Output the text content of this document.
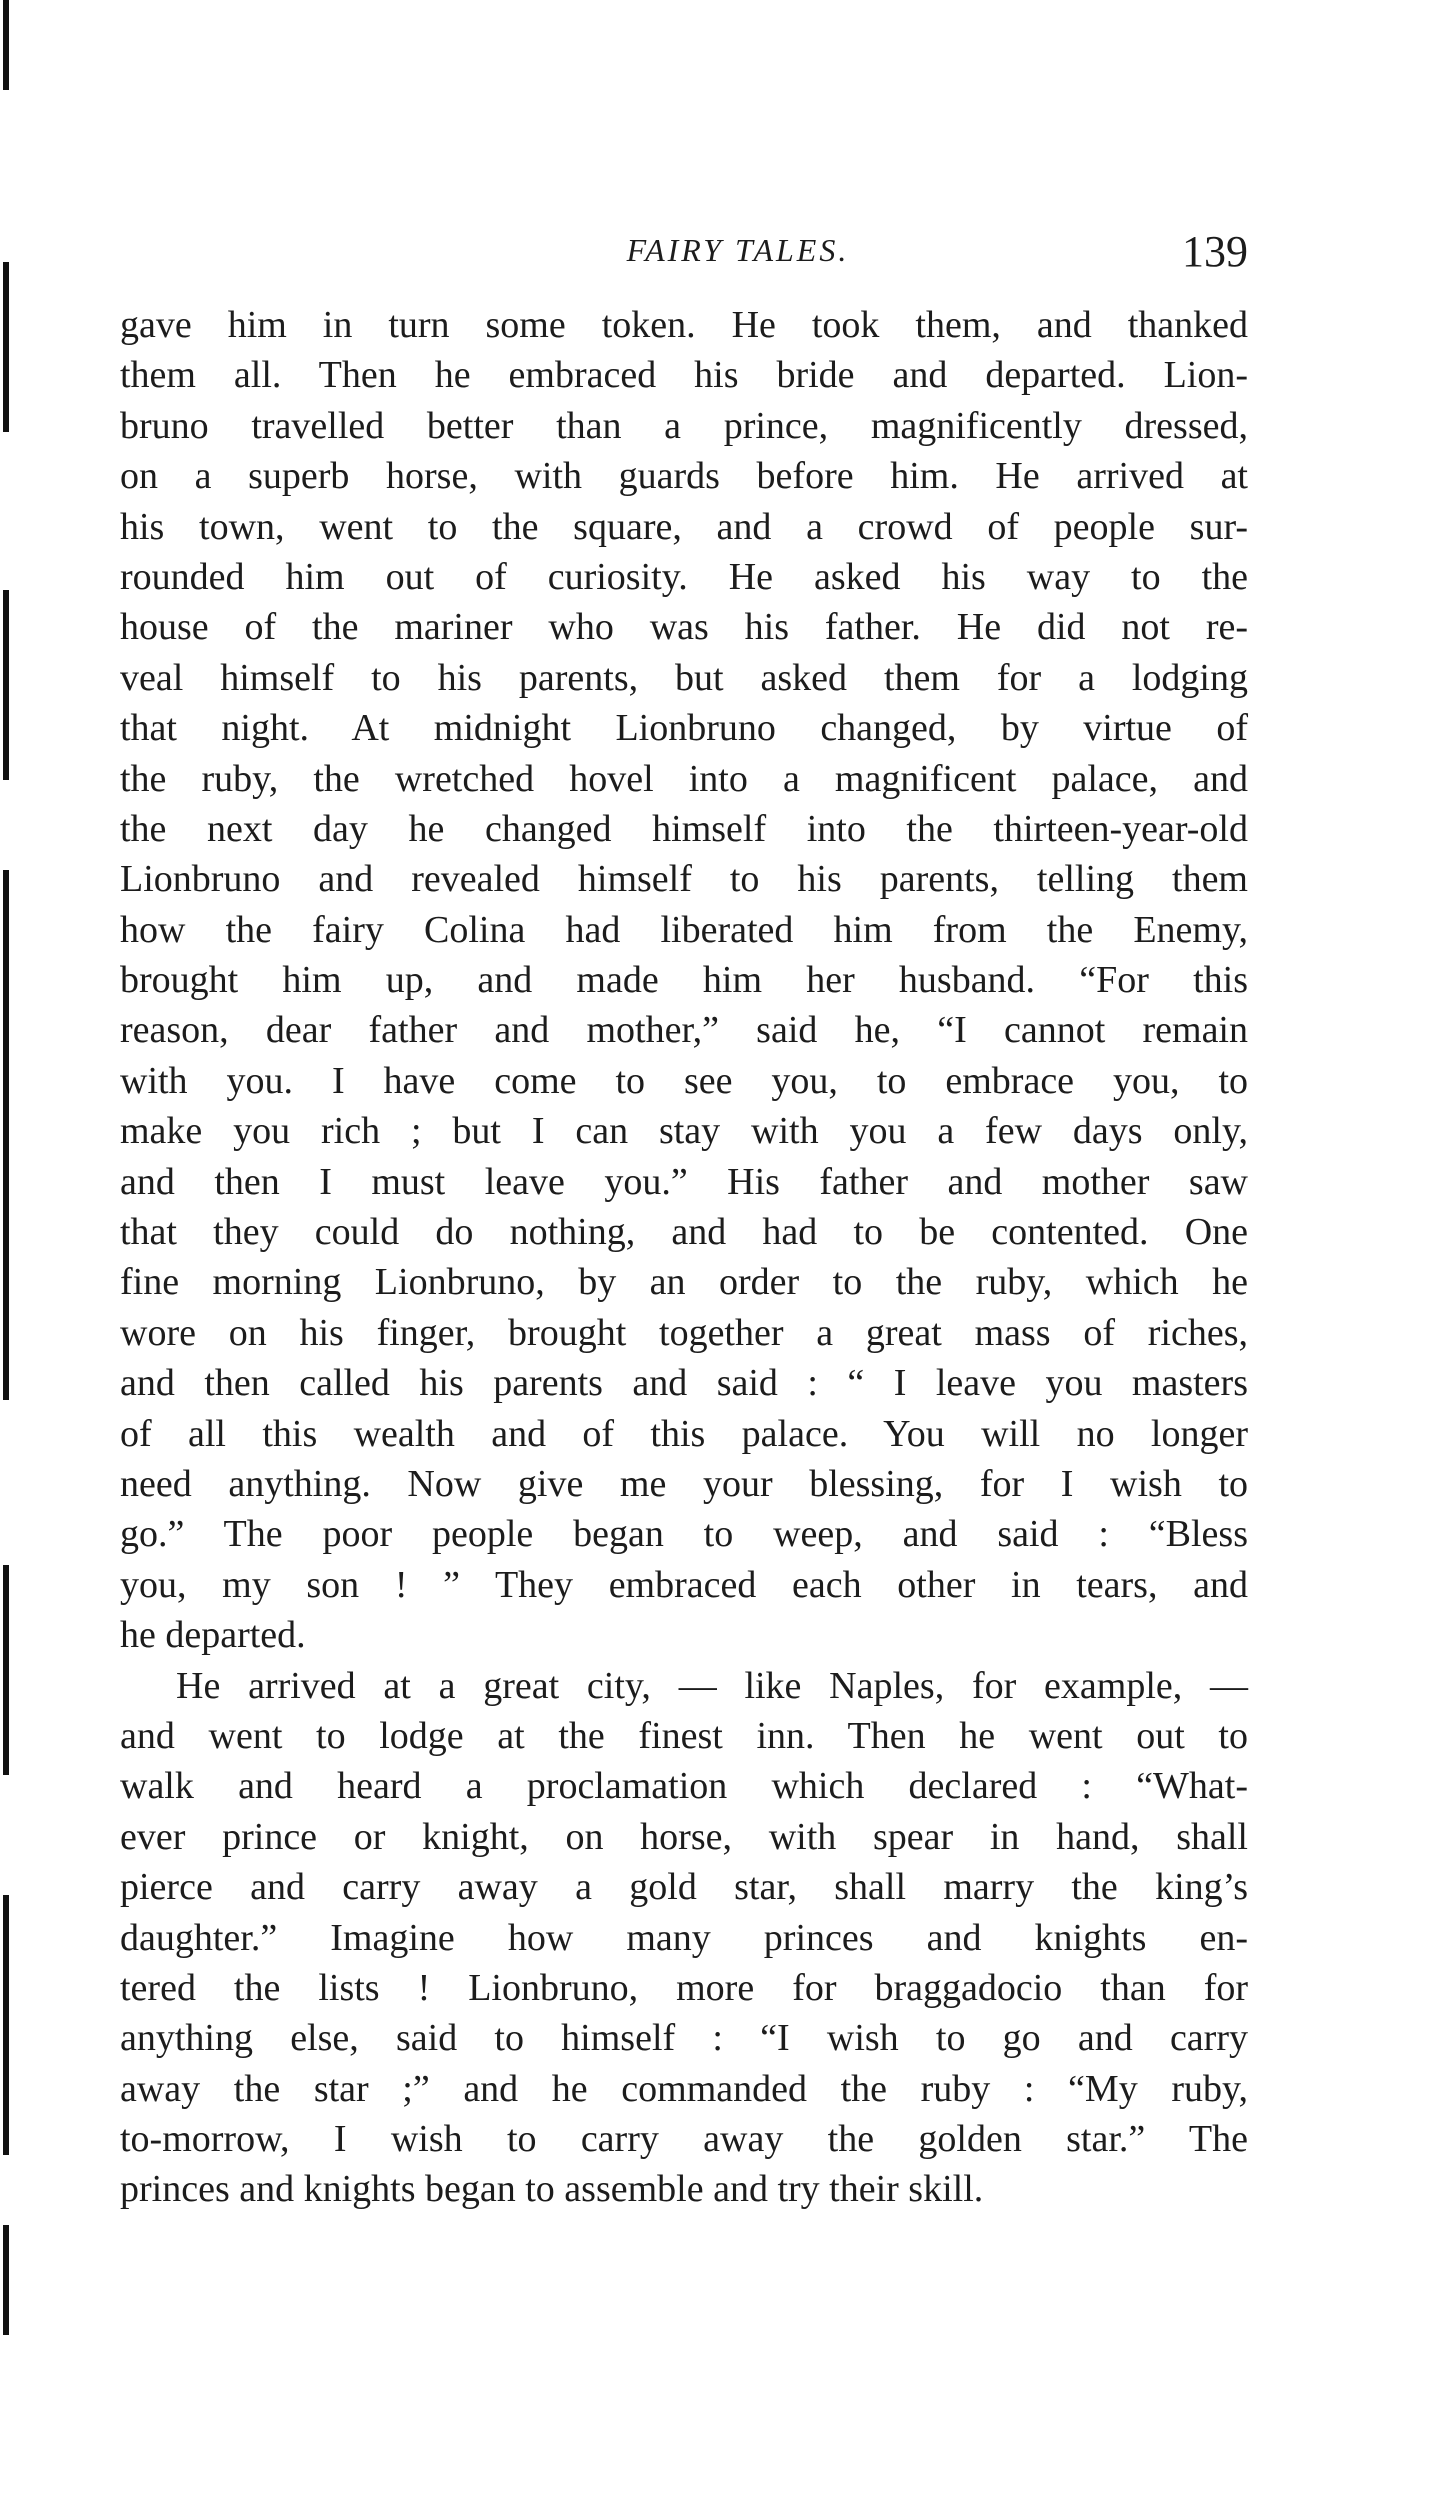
FAIRY TALES.	139
gave him in turn some token. He took them, and thanked
them all. Then he embraced his bride and departed. Lion-
bruno travelled better than a prince, magnificently dressed,
on a superb horse, with guards before him. He arrived at
his town, went to the square, and a crowd of people sur-
rounded him out of curiosity. He asked his way to the
house of the mariner who was his father. He did not re-
veal himself to his parents, but asked them for a lodging
that night. At midnight Lionbruno changed, by virtue of
the ruby, the wretched hovel into a magnificent palace, and
the next day he changed himself into the thirteen-year-old
Lionbruno and revealed himself to his parents, telling them
how the fairy Colina had liberated him from the Enemy,
brought him up, and made him her husband. “For this
reason, dear father and mother,” said he, “I cannot remain
with you. I have come to see you, to embrace you, to
make you rich ; but I can stay with you a few days only,
and then I must leave you.” His father and mother saw
that they could do nothing, and had to be contented. One
fine morning Lionbruno, by an order to the ruby, which he
wore on his finger, brought together a great mass of riches,
and then called his parents and said : “ I leave you masters
of all this wealth and of this palace. You will no longer
need anything. Now give me your blessing, for I wish to
go.” The poor people began to weep, and said : “Bless
you, my son ! ” They embraced each other in tears, and
he departed.
He arrived at a great city, — like Naples, for example, —
and went to lodge at the finest inn. Then he went out to
walk and heard a proclamation which declared : “What-
ever prince or knight, on horse, with spear in hand, shall
pierce and carry away a gold star, shall marry the king’s
daughter.” Imagine how many princes and knights en-
tered the lists ! Lionbruno, more for braggadocio than for
anything else, said to himself : “I wish to go and carry
away the star ;” and he commanded the ruby : “My ruby,
to-morrow, I wish to carry away the golden star.” The
princes and knights began to assemble and try their skill.
